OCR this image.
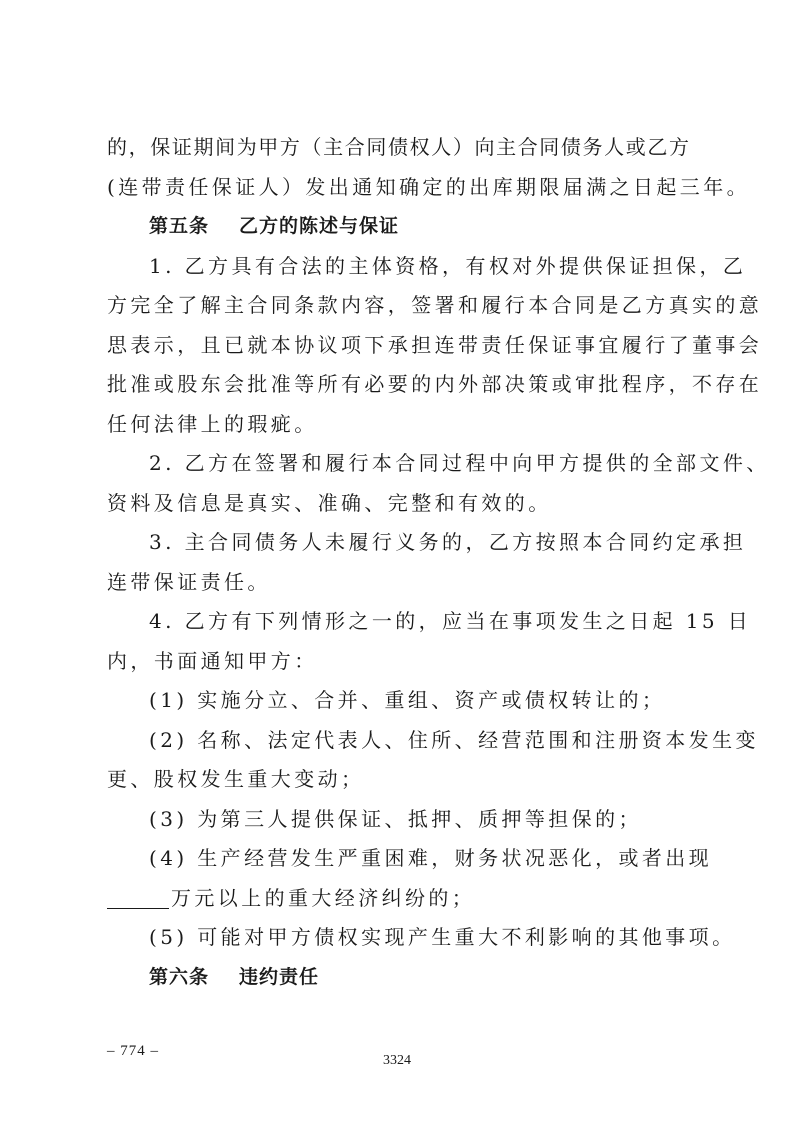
的，保证期间为甲方（主合同债权人）向主合同债务人或乙方
(连带责任保证人）发出通知确定的出库期限届满之日起三年。
第五条 乙方的陈述与保证
1. 乙方具有合法的主体资格，有权对外提供保证担保，乙
方完全了解主合同条款内容，签署和履行本合同是乙方真实的意
思表示，且已就本协议项下承担连带责任保证事宜履行了董事会
批准或股东会批准等所有必要的内外部决策或审批程序，不存在
任何法律上的瑕疵。
2. 乙方在签署和履行本合同过程中向甲方提供的全部文件、
资料及信息是真实、准确、完整和有效的。
3. 主合同债务人未履行义务的，乙方按照本合同约定承担
连带保证责任。
4. 乙方有下列情形之一的，应当在事项发生之日起 15 日
内，书面通知甲方：
(1) 实施分立、合并、重组、资产或债权转让的；
(2) 名称、法定代表人、住所、经营范围和注册资本发生变
更、股权发生重大变动；
(3) 为第三人提供保证、抵押、质押等担保的；
(4) 生产经营发生严重困难，财务状况恶化，或者出现
万元以上的重大经济纠纷的；
(5) 可能对甲方债权实现产生重大不利影响的其他事项。
第六条 违约责任
– 774 –
3324
